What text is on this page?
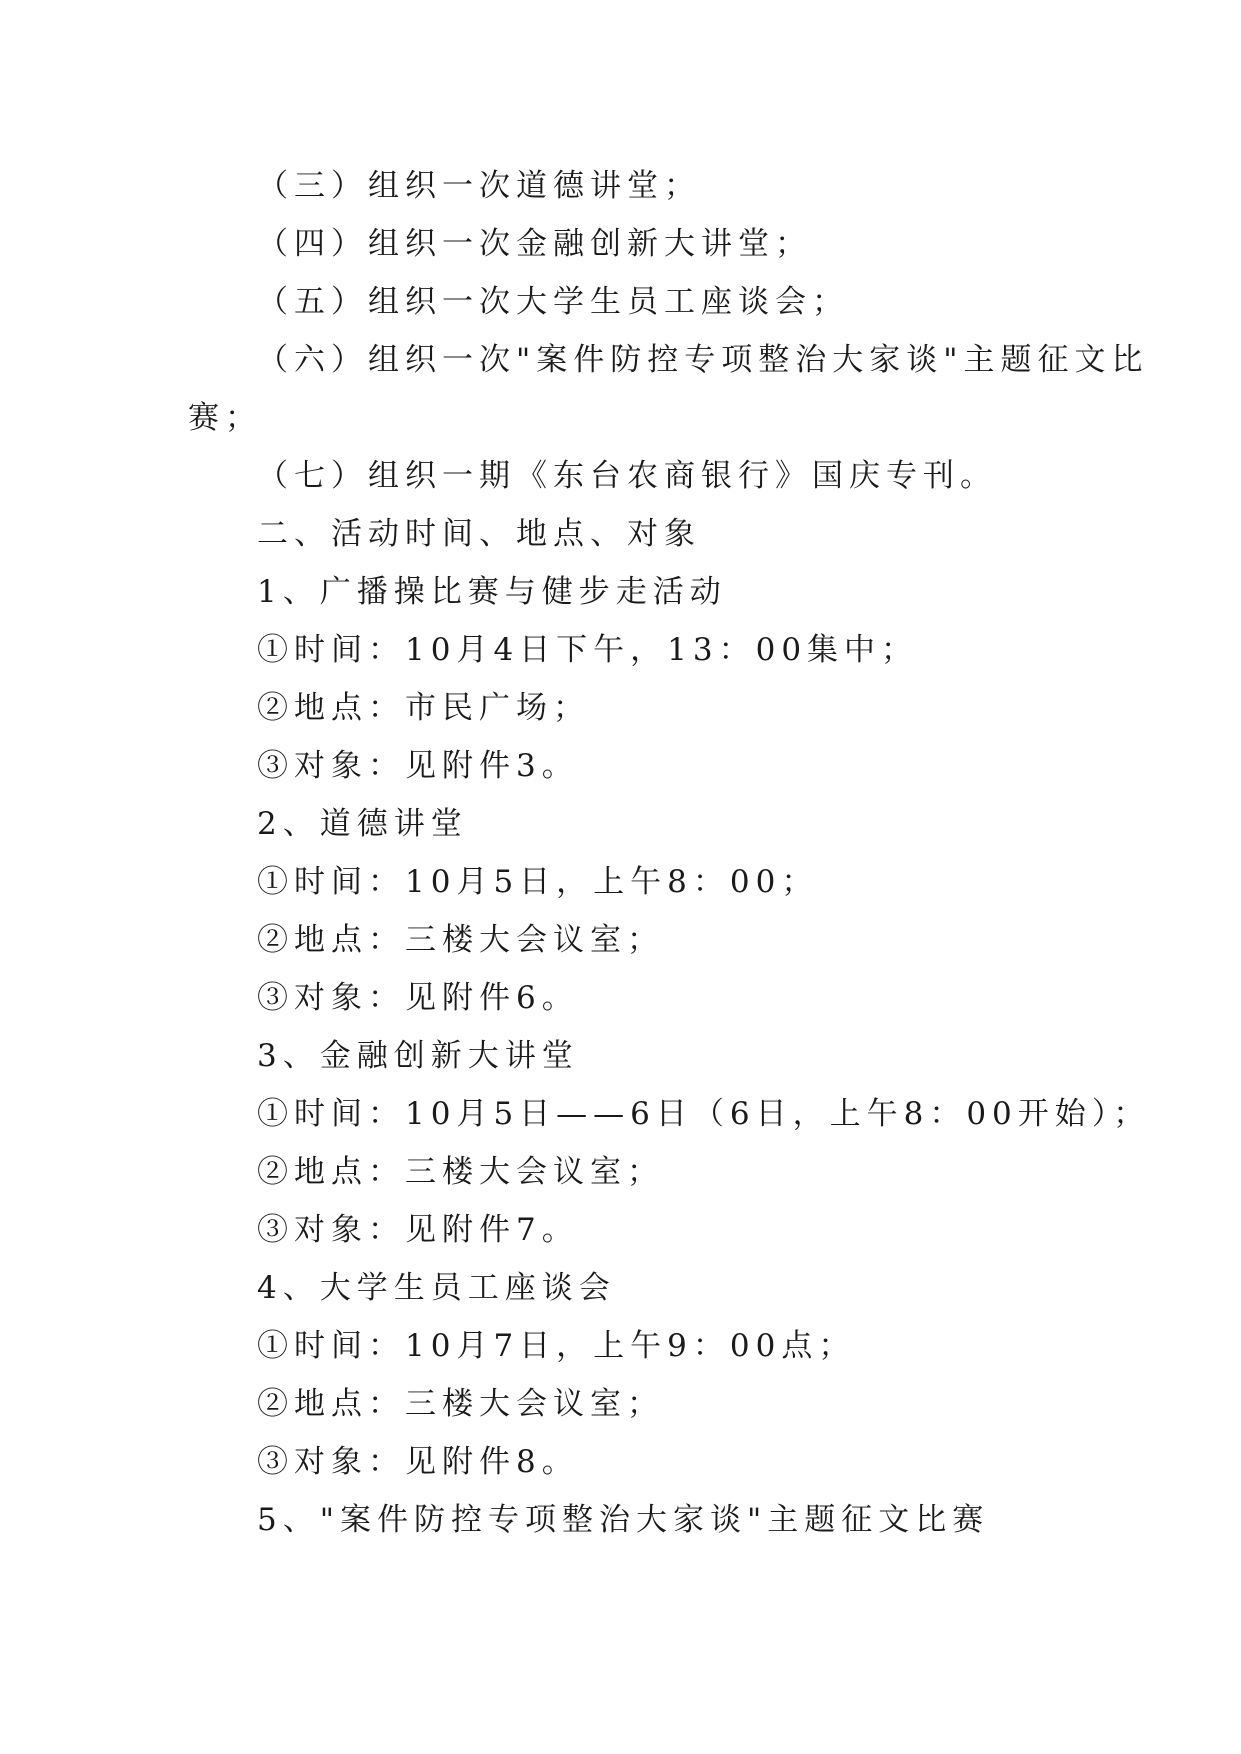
（三）组织一次道德讲堂；
（四）组织一次金融创新大讲堂；
（五）组织一次大学生员工座谈会；
（六）组织一次"案件防控专项整治大家谈"主题征文比
赛；
（七）组织一期《东台农商银行》国庆专刊。
二、活动时间、地点、对象
1、广播操比赛与健步走活动
①时间：10月4日下午，13：00集中；
②地点：市民广场；
③对象：见附件3。
2、道德讲堂
①时间：10月5日，上午8：00；
②地点：三楼大会议室；
③对象：见附件6。
3、金融创新大讲堂
①时间：10月5日——6日（6日，上午8：00开始）；
②地点：三楼大会议室；
③对象：见附件7。
4、大学生员工座谈会
①时间：10月7日，上午9：00点；
②地点：三楼大会议室；
③对象：见附件8。
5、"案件防控专项整治大家谈"主题征文比赛
